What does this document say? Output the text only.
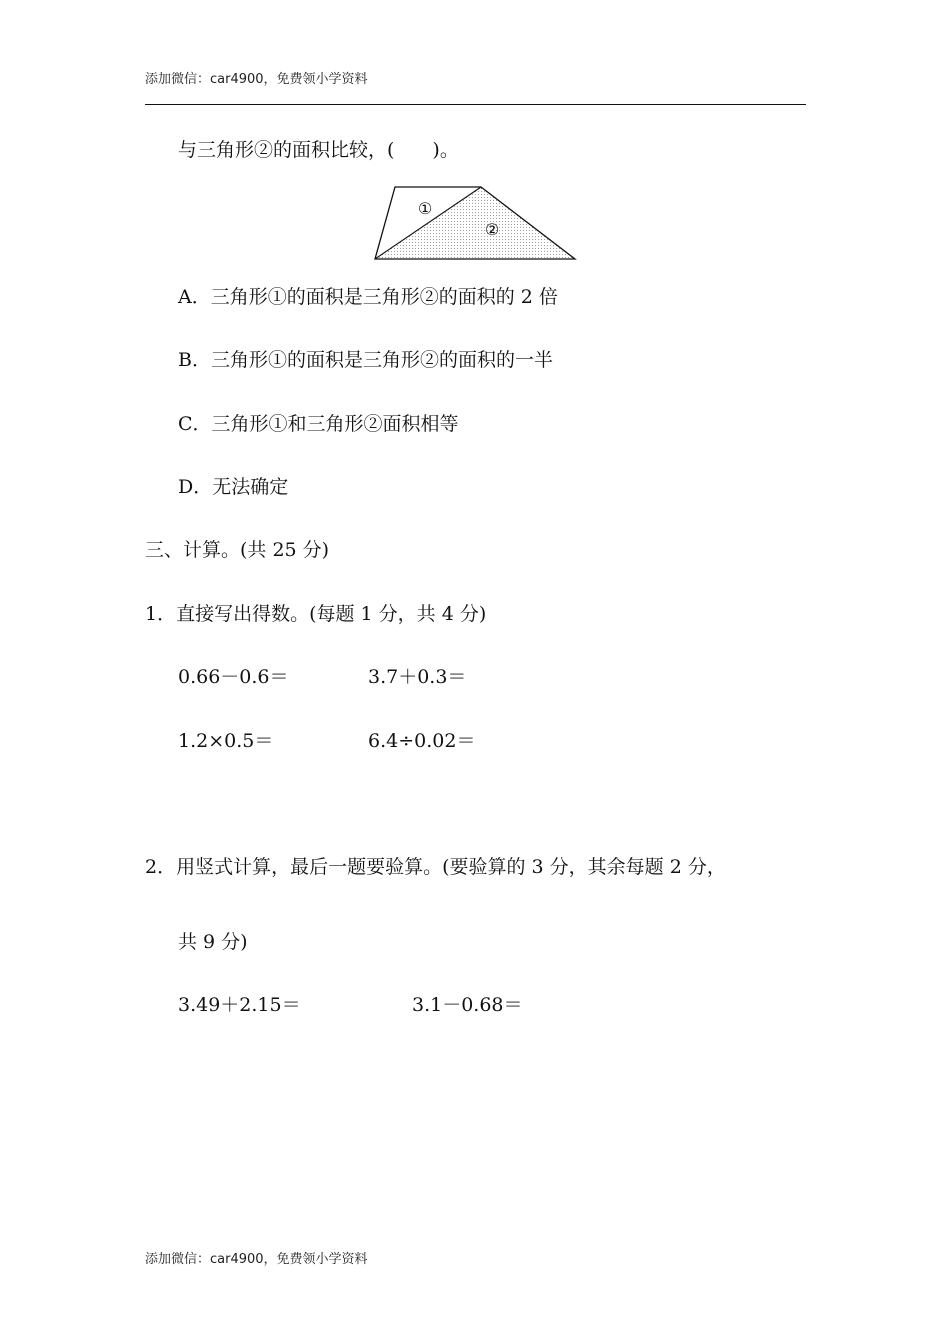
添加微信：car4900，免费领小学资料
与三角形②的面积比较，(　　)。
①
②
A．三角形①的面积是三角形②的面积的 2 倍
B．三角形①的面积是三角形②的面积的一半
C．三角形①和三角形②面积相等
D．无法确定
三、计算。(共 25 分)
1．直接写出得数。(每题 1 分，共 4 分)
0.66－0.6＝	3.7＋0.3＝
1.2×0.5＝	6.4÷0.02＝
2．用竖式计算，最后一题要验算。(要验算的 3 分，其余每题 2 分，
共 9 分)
3.49＋2.15＝	3.1－0.68＝
添加微信：car4900，免费领小学资料
